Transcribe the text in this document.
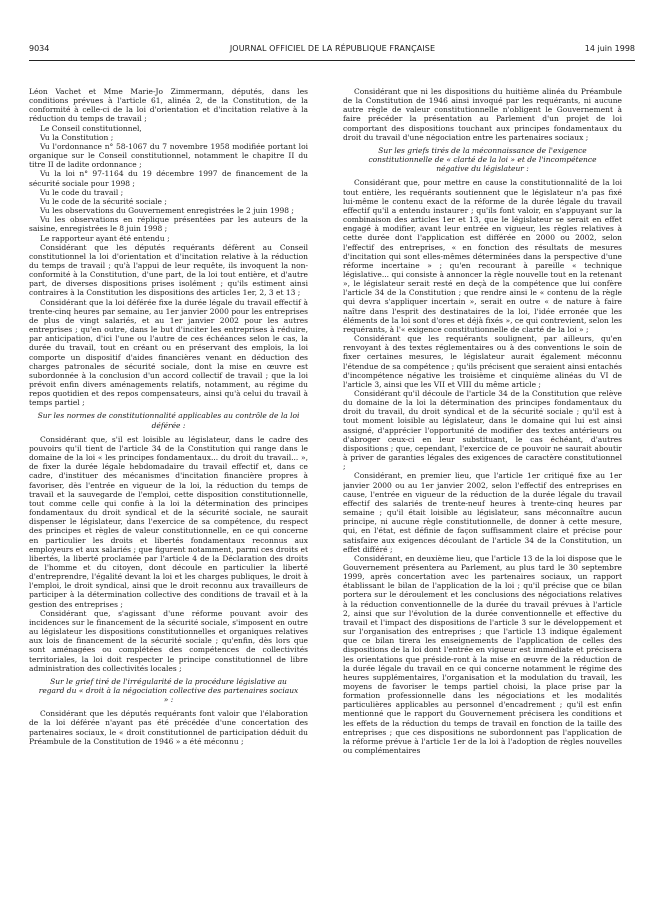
9034	JOURNAL OFFICIEL DE LA RÉPUBLIQUE FRANÇAISE	14 juin 1998

Léon Vachet et Mme Marie-Jo Zimmermann, députés, dans les conditions prévues à l'article 61, alinéa 2, de la Constitution, de la conformité à celle-ci de la loi d'orientation et d'incitation relative à la réduction du temps de travail ;

Le Conseil constitutionnel,

Vu la Constitution ;

Vu l'ordonnance n° 58-1067 du 7 novembre 1958 modifiée portant loi organique sur le Conseil constitutionnel, notamment le chapitre II du titre II de ladite ordonnance ;

Vu la loi n° 97-1164 du 19 décembre 1997 de financement de la sécurité sociale pour 1998 ;

Vu le code du travail ;

Vu le code de la sécurité sociale ;

Vu les observations du Gouvernement enregistrées le 2 juin 1998 ;

Vu les observations en réplique présentées par les auteurs de la saisine, enregistrées le 8 juin 1998 ;

Le rapporteur ayant été entendu ;

Considérant que les députés requérants défèrent au Conseil constitutionnel la loi d'orientation et d'incitation relative à la réduction du temps de travail ; qu'à l'appui de leur requête, ils invoquent la non-conformité à la Constitution, d'une part, de la loi tout entière, et d'autre part, de diverses dispositions prises isolément ; qu'ils estiment ainsi contraires à la Constitution les dispositions des articles 1er, 2, 3 et 13 ;

Considérant que la loi déférée fixe la durée légale du travail effectif à trente-cinq heures par semaine, au 1er janvier 2000 pour les entreprises de plus de vingt salariés, et au 1er janvier 2002 pour les autres entreprises ; qu'en outre, dans le but d'inciter les entreprises à réduire, par anticipation, d'ici l'une ou l'autre de ces échéances selon le cas, la durée du travail, tout en créant ou en préservant des emplois, la loi comporte un dispositif d'aides financières venant en déduction des charges patronales de sécurité sociale, dont la mise en œuvre est subordonnée à la conclusion d'un accord collectif de travail ; que la loi prévoit enfin divers aménagements relatifs, notamment, au régime du repos quotidien et des repos compensateurs, ainsi qu'à celui du travail à temps partiel ;

Sur les normes de constitutionnalité applicables au contrôle de la loi déférée :

Considérant que, s'il est loisible au législateur, dans le cadre des pouvoirs qu'il tient de l'article 34 de la Constitution qui range dans le domaine de la loi « les principes fondamentaux... du droit du travail... », de fixer la durée légale hebdomadaire du travail effectif et, dans ce cadre, d'instituer des mécanismes d'incitation financière propres à favoriser, dès l'entrée en vigueur de la loi, la réduction du temps de travail et la sauvegarde de l'emploi, cette disposition constitutionnelle, tout comme celle qui confie à la loi la détermination des principes fondamentaux du droit syndical et de la sécurité sociale, ne saurait dispenser le législateur, dans l'exercice de sa compétence, du respect des principes et règles de valeur constitutionnelle, en ce qui concerne en particulier les droits et libertés fondamentaux reconnus aux employeurs et aux salariés ; que figurent notamment, parmi ces droits et libertés, la liberté proclamée par l'article 4 de la Déclaration des droits de l'homme et du citoyen, dont découle en particulier la liberté d'entreprendre, l'égalité devant la loi et les charges publiques, le droit à l'emploi, le droit syndical, ainsi que le droit reconnu aux travailleurs de participer à la détermination collective des conditions de travail et à la gestion des entreprises ;

Considérant que, s'agissant d'une réforme pouvant avoir des incidences sur le financement de la sécurité sociale, s'imposent en outre au législateur les dispositions constitutionnelles et organiques relatives aux lois de financement de la sécurité sociale ; qu'enfin, dès lors que sont aménagées ou complétées des compétences de collectivités territoriales, la loi doit respecter le principe constitutionnel de libre administration des collectivités locales ;

Sur le grief tiré de l'irrégularité de la procédure législative au regard du « droit à la négociation collective des partenaires sociaux » :

Considérant que les députés requérants font valoir que l'élaboration de la loi déférée n'ayant pas été précédée d'une concertation des partenaires sociaux, le « droit constitutionnel de participation déduit du Préambule de la Constitution de 1946 » a été méconnu ;

Considérant que ni les dispositions du huitième alinéa du Préambule de la Constitution de 1946 ainsi invoqué par les requérants, ni aucune autre règle de valeur constitutionnelle n'obligent le Gouvernement à faire précéder la présentation au Parlement d'un projet de loi comportant des dispositions touchant aux principes fondamentaux du droit du travail d'une négociation entre les partenaires sociaux ;

Sur les griefs tirés de la méconnaissance de l'exigence constitutionnelle de « clarté de la loi » et de l'incompétence négative du législateur :

Considérant que, pour mettre en cause la constitutionnalité de la loi tout entière, les requérants soutiennent que le législateur n'a pas fixé lui-même le contenu exact de la réforme de la durée légale du travail effectif qu'il a entendu instaurer ; qu'ils font valoir, en s'appuyant sur la combinaison des articles 1er et 13, que le législateur se serait en effet engagé à modifier, avant leur entrée en vigueur, les règles relatives à cette durée dont l'application est différée en 2000 ou 2002, selon l'effectif des entreprises, « en fonction des résultats de mesures d'incitation qui sont elles-mêmes déterminées dans la perspective d'une réforme incertaine » ; qu'en recourant à pareille « technique législative... qui consiste à annoncer la règle nouvelle tout en la retenant », le législateur serait resté en deçà de la compétence que lui confère l'article 34 de la Constitution ; que rendre ainsi le « contenu de la règle qui devra s'appliquer incertain », serait en outre « de nature à faire naître dans l'esprit des destinataires de la loi, l'idée erronée que les éléments de la loi sont d'ores et déjà fixés », ce qui contrevient, selon les requérants, à l'« exigence constitutionnelle de clarté de la loi » ;

Considérant que les requérants soulignent, par ailleurs, qu'en renvoyant à des textes réglementaires ou à des conventions le soin de fixer certaines mesures, le législateur aurait également méconnu l'étendue de sa compétence ; qu'ils précisent que seraient ainsi entachés d'incompétence négative les troisième et cinquième alinéas du VI de l'article 3, ainsi que les VII et VIII du même article ;

Considérant qu'il découle de l'article 34 de la Constitution que relève du domaine de la loi la détermination des principes fondamentaux du droit du travail, du droit syndical et de la sécurité sociale ; qu'il est à tout moment loisible au législateur, dans le domaine qui lui est ainsi assigné, d'apprécier l'opportunité de modifier des textes antérieurs ou d'abroger ceux-ci en leur substituant, le cas échéant, d'autres dispositions ; que, cependant, l'exercice de ce pouvoir ne saurait aboutir à priver de garanties légales des exigences de caractère constitutionnel ;

Considérant, en premier lieu, que l'article 1er critiqué fixe au 1er janvier 2000 ou au 1er janvier 2002, selon l'effectif des entreprises en cause, l'entrée en vigueur de la réduction de la durée légale du travail effectif des salariés de trente-neuf heures à trente-cinq heures par semaine ; qu'il était loisible au législateur, sans méconnaître aucun principe, ni aucune règle constitutionnelle, de donner à cette mesure, qui, en l'état, est définie de façon suffisamment claire et précise pour satisfaire aux exigences découlant de l'article 34 de la Constitution, un effet différé ;

Considérant, en deuxième lieu, que l'article 13 de la loi dispose que le Gouvernement présentera au Parlement, au plus tard le 30 septembre 1999, après concertation avec les partenaires sociaux, un rapport établissant le bilan de l'application de la loi ; qu'il précise que ce bilan portera sur le déroulement et les conclusions des négociations relatives à la réduction conventionnelle de la durée du travail prévues à l'article 2, ainsi que sur l'évolution de la durée conventionnelle et effective du travail et l'impact des dispositions de l'article 3 sur le développement et sur l'organisation des entreprises ; que l'article 13 indique également que ce bilan tirera les enseignements de l'application de celles des dispositions de la loi dont l'entrée en vigueur est immédiate et précisera les orientations que préside-ront à la mise en œuvre de la réduction de la durée légale du travail en ce qui concerne notamment le régime des heures supplémentaires, l'organisation et la modulation du travail, les moyens de favoriser le temps partiel choisi, la place prise par la formation professionnelle dans les négociations et les modalités particulières applicables au personnel d'encadrement ; qu'il est enfin mentionné que le rapport du Gouvernement précisera les conditions et les effets de la réduction du temps de travail en fonction de la taille des entreprises ; que ces dispositions ne subordonnent pas l'application de la réforme prévue à l'article 1er de la loi à l'adoption de règles nouvelles ou complémentaires
